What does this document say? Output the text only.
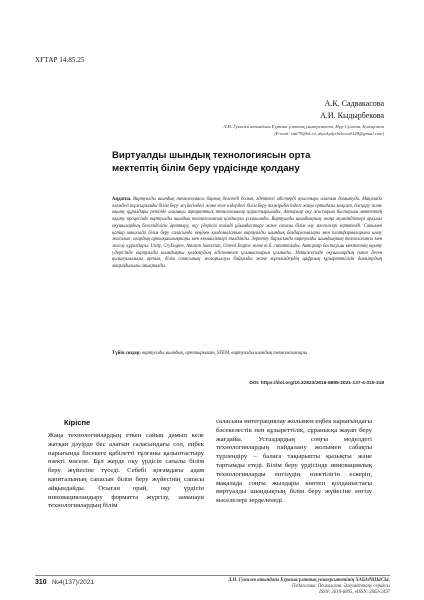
ХҒТАР 14.85.25
А.К. Садвакасова
А.И. Кыдырбекова
Л.Н. Гумилев атындағы Еуразия ұлттық университеті, Нұр-Сұлтан, Қазақстан
(E-mail: sak79@bk.ru, akyakydyrbekova0128@gmail.com)
Виртуалды шындық технологиясын орта мектептің білім беру үрдісінде қолдану
Аңдатпа. Виртуалды шындық технологиясы барлық белсенді болып, әдеттегі әдістерді ауыстыра алатын дамытуда. Мақалада әлемдегі тұжырымды білім беру жүйесіндегі және өзге елдердегі білім беру тәжірибесіндегі жаңа ортадағы мақсат, басқару және оқыту құралдары ретінде алғашқы ақпараттық технологиялар қарастырылады. Авторлар оқу жоспарын бастауыш мектептің оқыту процесінде виртуалды шындық технологиясын қолдануға ұсынылады. Виртуалды шындықтың жаңа мүмкіндіктері арқылы оқушылардың белсенділігін арттыру, оқу үдерісін тиімді ұйымдастыру және сапалы білім алу мәселелері зерттелді. Сонымен қатар мақалада білім беру саласында кеңінен қолданылатын виртуалды шындық бағдарламалары мен платформаларына шолу жасалып, олардың артықшылықтары мен кемшіліктері талданды. Зерттеу барысында виртуалды шындықтың технологиясы мен жасау құралдары: Unity, CryEngine, Amazon Sumerian, Unreal Engine және т.б. сипатталды. Авторлар бастауыш мектептің оқыту үдерісінде виртуалды шындықты қолданудың әдістемелік ұсыныстарын ұсынады. Нәтижесінде оқушылардың пәнге деген қызығушылығы артып, білім сапасының жоғарылауы байқалды және мұғалімдердің цифрлық құзыреттілігін дамытудың маңыздылығы анықталды.
Түйін сөздер: виртуалды шындық, арттырылған, STEM, виртуалды шындық технологиялары
DOI: https://doi.org/10.32523/2616-6895-2021-137-4-310-318
Кіріспе
Жаңа технологиялардың еткен сайын дамып келе жатқан дәуірде бес алатын саласындағы сол, еңбек нарығында бәсекеге қабілетті тұлғаны қалыптастыру өзекті мәселе. Бұл жерде оқу үрдісін сапалы білім беру жүйесіне түседі. Себебі қоғамдағы адам капиталының сапасын білім беру жүйесінің сапасы айқындайды. Осыған орай, оқу үрдісін инновацияландыру форматта жүргізу, заманауи технологиялардың білім
саласына интеграциялау жолымен еңбек нарығындағы бәсекелестік пен құзыреттілік, сұранысқа жауап беру жағдайы. Устаздардың соңғы моделдегі технологиялардың пайдалану жолымен сабақты түрлендіру – балаға тақырыпты қызықты және тартымды етеді. Білім беру үрдісінде инновациялық технологияларды енгізудің өзектілігін ескеріп, мақалада соңғы жылдары көптеп қолданыстағы виртуалды шындықтың білім беру жүйесіне енгізу мәселелері зерделенеді.
310 №4(137)/2021	Л.Н. Гумилев атындағы Еуразия ұлттық университетінің ХАБАРШЫСЫ.
Педагогика. Психология. Әлеуметтану сериясы
ISSN: 2616-6895, eISSN: 2663-2497
